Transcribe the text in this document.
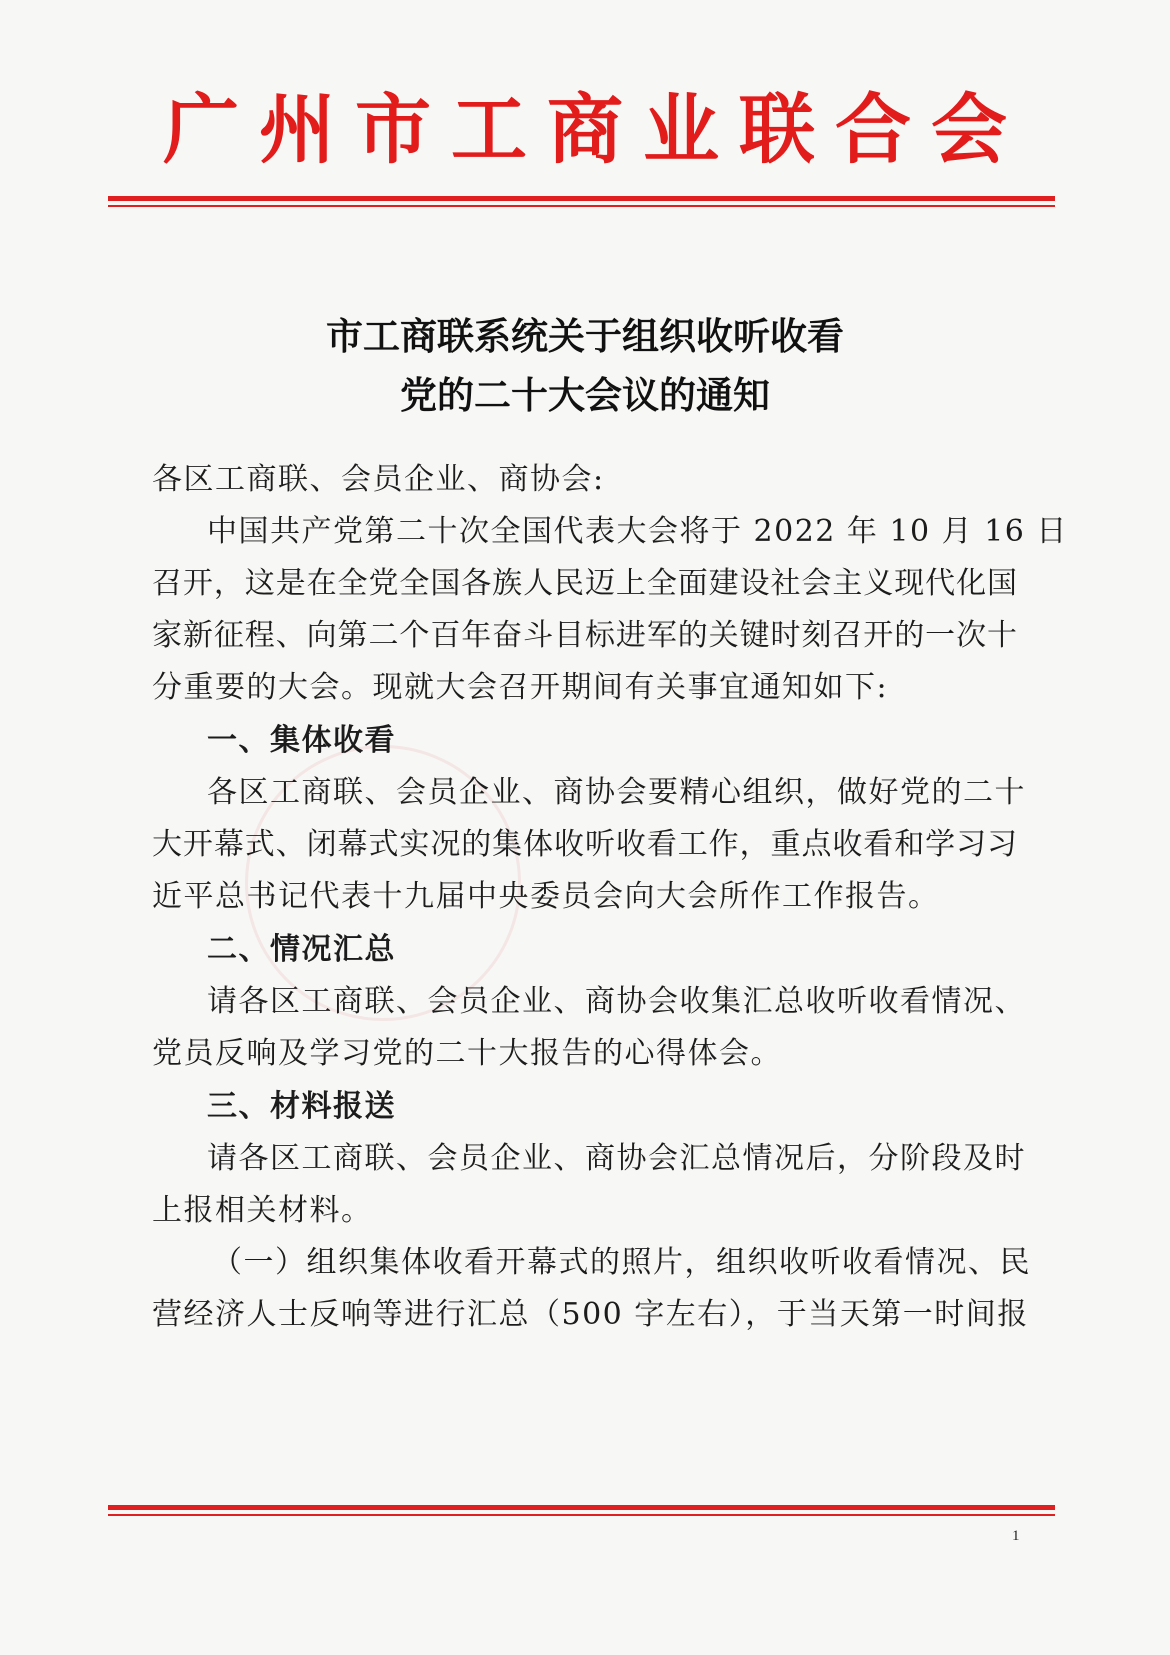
广州市工商业联合会
市工商联系统关于组织收听收看
党的二十大会议的通知
各区工商联、会员企业、商协会:
中国共产党第二十次全国代表大会将于 2022 年 10 月 16 日
召开，这是在全党全国各族人民迈上全面建设社会主义现代化国
家新征程、向第二个百年奋斗目标进军的关键时刻召开的一次十
分重要的大会。现就大会召开期间有关事宜通知如下:
一、集体收看
各区工商联、会员企业、商协会要精心组织，做好党的二十
大开幕式、闭幕式实况的集体收听收看工作，重点收看和学习习
近平总书记代表十九届中央委员会向大会所作工作报告。
二、情况汇总
请各区工商联、会员企业、商协会收集汇总收听收看情况、
党员反响及学习党的二十大报告的心得体会。
三、材料报送
请各区工商联、会员企业、商协会汇总情况后，分阶段及时
上报相关材料。
（一）组织集体收看开幕式的照片，组织收听收看情况、民
营经济人士反响等进行汇总（500 字左右），于当天第一时间报
1
